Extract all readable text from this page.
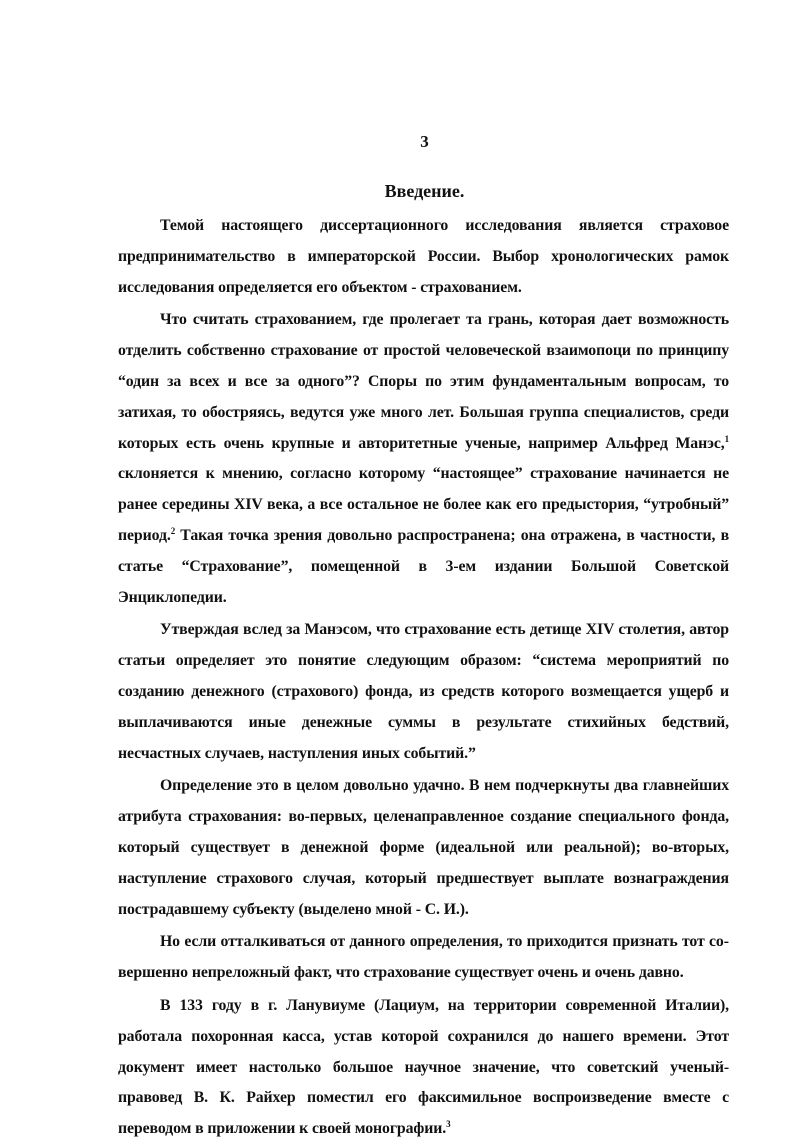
3
Введение.

Темой настоящего диссертационного исследования является страховое предпринимательство в императорской России. Выбор хронологических рамок исследования определяется его объектом - страхованием.

Что считать страхованием, где пролегает та грань, которая дает возможность отделить собственно страхование от простой человеческой взаимопоци по принципу “один за всех и все за одного”? Споры по этим фундаментальным вопросам, то затихая, то обостряясь, ведутся уже много лет. Большая группа специалистов, среди которых есть очень крупные и авторитетные ученые, например Альфред Манэс,$^1$ склоняется к мнению, согласно которому “настоящее” страхование начинается не ранее середины XIV века, а все остальное не более как его предыстория, “утробный” период.$^2$ Такая точка зрения довольно распространена; она отражена, в частности, в статье “Страхование”, помещенной в 3-ем издании Большой Советской Энциклопедии.

Утверждая вслед за Манэсом, что страхование есть детище XIV столетия, автор статьи определяет это понятие следующим образом: “система мероприятий по созданию денежного (страхового) фонда, из средств которого возмещается ущерб и выплачиваются иные денежные суммы в результате стихийных бедствий, несчастных случаев, наступления иных событий.”

Определение это в целом довольно удачно. В нем подчеркнуты два главнейших атрибута страхования: во-первых, целенаправленное создание специального фонда, который существует в денежной форме (идеальной или реальной); во-вторых, наступление страхового случая, который предшествует выплате вознаграждения пострадавшему субъекту (выделено мной - С. И.).

Но если отталкиваться от данного определения, то приходится признать тот совершенно непреложный факт, что страхование существует очень и очень давно.

В 133 году в г. Ланувиуме (Лациум, на территории современной Италии), работала похоронная касса, устав которой сохранился до нашего времени. Этот документ имеет настолько большое научное значение, что советский ученый-правовед В. К. Райхер поместил его факсимильное воспроизведение вместе с переводом в приложении к своей монографии.$^3$
